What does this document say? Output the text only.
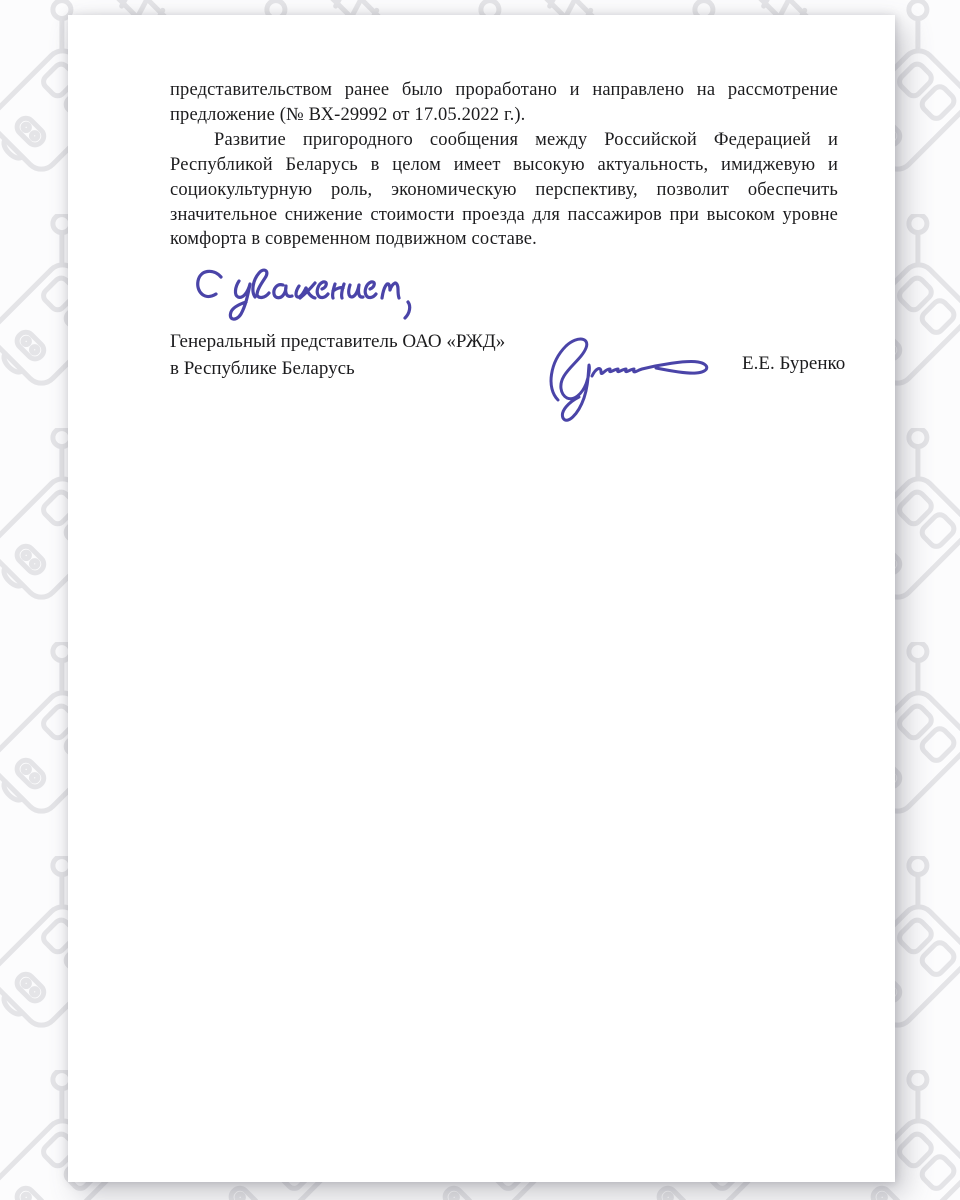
представительством ранее было проработано и направлено на рассмотрение
предложение (№ ВХ-29992 от 17.05.2022 г.).
Развитие пригородного сообщения между Российской Федерацией и
Республикой Беларусь в целом имеет высокую актуальность, имиджевую и
социокультурную роль, экономическую перспективу, позволит обеспечить
значительное снижение стоимости проезда для пассажиров при высоком уровне
комфорта в современном подвижном составе.
Генеральный представитель ОАО «РЖД»
в Республике Беларусь	Е.Е. Буренко
